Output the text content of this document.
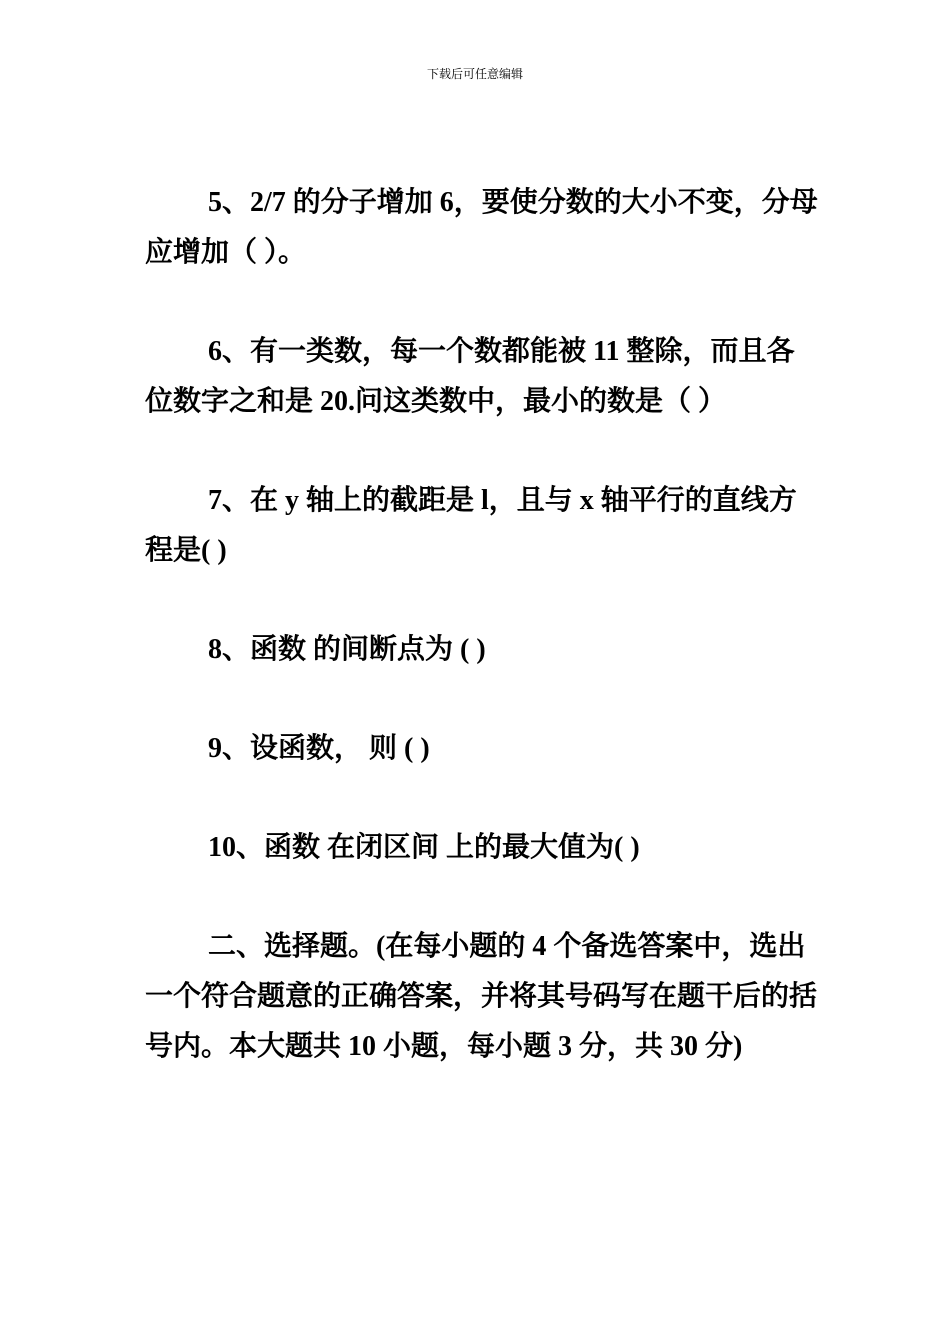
下载后可任意编辑

5、2/7 的分子增加 6，要使分数的大小不变，分母应增加（ ）。

6、有一类数，每一个数都能被 11 整除，而且各位数字之和是 20.问这类数中，最小的数是（ ）

7、在 y 轴上的截距是 l，且与 x 轴平行的直线方程是( )

8、函数 的间断点为 ( )

9、设函数， 则 ( )

10、函数 在闭区间 上的最大值为( )

二、选择题。(在每小题的 4 个备选答案中，选出一个符合题意的正确答案，并将其号码写在题干后的括号内。本大题共 10 小题，每小题 3 分，共 30 分)
